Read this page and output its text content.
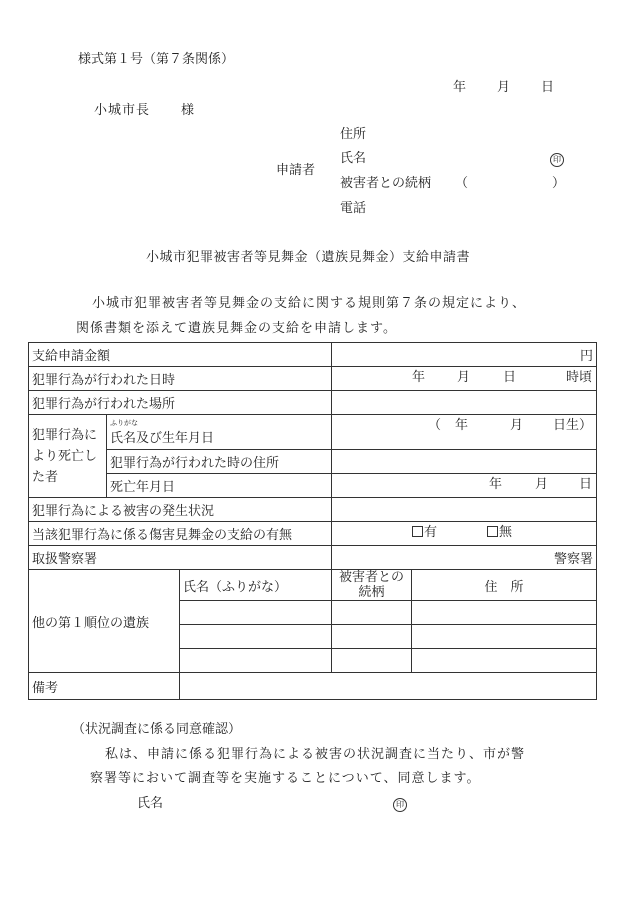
様式第１号（第７条関係）
年 月 日
小城市長 様
申請者
住所
氏名	印
被害者との続柄 （	）
電話
小城市犯罪被害者等見舞金（遺族見舞金）支給申請書
小城市犯罪被害者等見舞金の支給に関する規則第７条の規定により、
関係書類を添えて遺族見舞金の支給を申請します。
支給申請金額			円	
犯罪行為が行われた日時			年 月 日 時頃	

犯罪行為が行われた場所				
犯罪行為により死亡した者	ふりがな
氏名及び生年月日		（ 年 月 日生）	

	犯罪行為が行われた時の住所			
	死亡年月日		年 月 日	

犯罪行為による被害の発生状況				
当該犯罪行為に係る傷害見舞金の支給の有無			有 無	

取扱警察署			警察署	
他の第１順位の遺族		氏名（ふりがな）	被害者との続柄	住　所

備考				
（状況調査に係る同意確認）
私は、申請に係る犯罪行為による被害の状況調査に当たり、市が警
察署等において調査等を実施することについて、同意します。
氏名	印
